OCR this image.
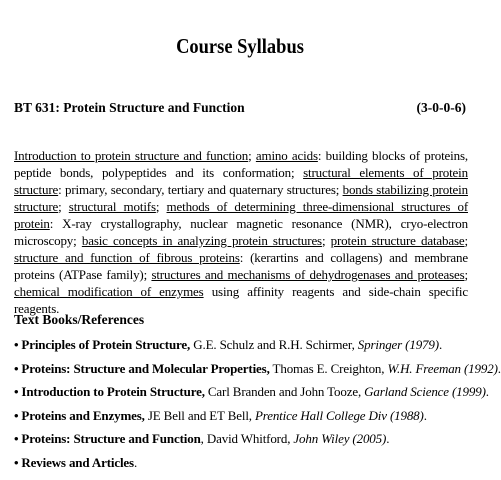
Course Syllabus
BT 631: Protein Structure and Function	(3-0-0-6)
Introduction to protein structure and function; amino acids: building blocks of proteins, peptide bonds, polypeptides and its conformation; structural elements of protein structure: primary, secondary, tertiary and quaternary structures; bonds stabilizing protein structure; structural motifs; methods of determining three-dimensional structures of protein: X-ray crystallography, nuclear magnetic resonance (NMR), cryo-electron microscopy; basic concepts in analyzing protein structures; protein structure database; structure and function of fibrous proteins: (kerartins and collagens) and membrane proteins (ATPase family); structures and mechanisms of dehydrogenases and proteases; chemical modification of enzymes using affinity reagents and side-chain specific reagents.
Text Books/References
• Principles of Protein Structure, G.E. Schulz and R.H. Schirmer, Springer (1979).
• Proteins: Structure and Molecular Properties, Thomas E. Creighton, W.H. Freeman (1992).
• Introduction to Protein Structure, Carl Branden and John Tooze, Garland Science (1999).
• Proteins and Enzymes, JE Bell and ET Bell, Prentice Hall College Div (1988).
• Proteins: Structure and Function, David Whitford, John Wiley (2005).
• Reviews and Articles.
